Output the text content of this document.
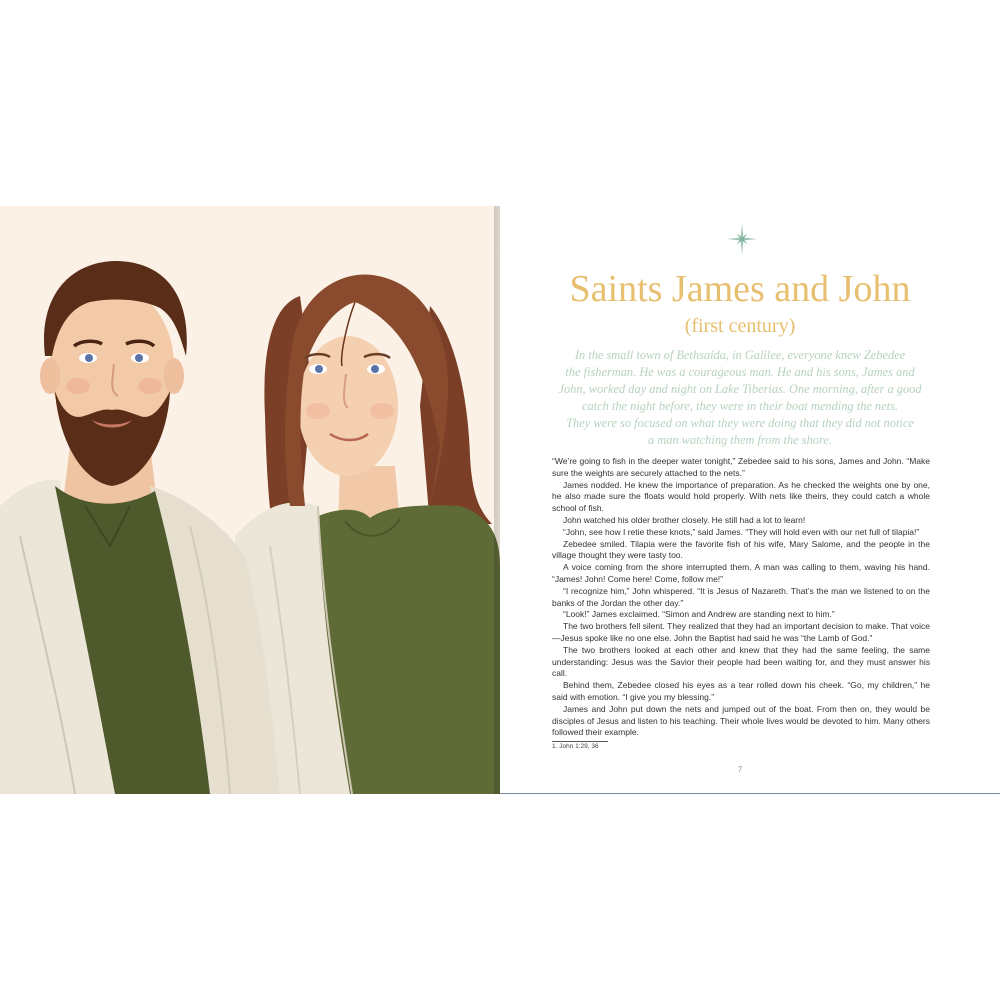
Saints James and John
(first century)
In the small town of Bethsaida, in Galilee, everyone knew Zebedee
the fisherman. He was a courageous man. He and his sons, James and
John, worked day and night on Lake Tiberias. One morning, after a good
catch the night before, they were in their boat mending the nets.
They were so focused on what they were doing that they did not notice
a man watching them from the shore.

“We’re going to fish in the deeper water tonight,” Zebedee said to his sons, James and John. “Make sure the weights are securely attached to the nets.”

James nodded. He knew the importance of preparation. As he checked the weights one by one, he also made sure the floats would hold properly. With nets like theirs, they could catch a whole school of fish.

John watched his older brother closely. He still had a lot to learn!

“John, see how I retie these knots,” said James. “They will hold even with our net full of tilapia!”

Zebedee smiled. Tilapia were the favorite fish of his wife, Mary Salome, and the people in the village thought they were tasty too.

A voice coming from the shore interrupted them. A man was calling to them, waving his hand. “James! John! Come here! Come, follow me!”

“I recognize him,” John whispered. “It is Jesus of Nazareth. That’s the man we listened to on the banks of the Jordan the other day.”

“Look!” James exclaimed. “Simon and Andrew are standing next to him.”

The two brothers fell silent. They realized that they had an important decision to make. That voice—Jesus spoke like no one else. John the Baptist had said he was “the Lamb of God.”

The two brothers looked at each other and knew that they had the same feeling, the same understanding: Jesus was the Savior their people had been waiting for, and they must answer his call.

Behind them, Zebedee closed his eyes as a tear rolled down his cheek. “Go, my children,” he said with emotion. “I give you my blessing.”

James and John put down the nets and jumped out of the boat. From then on, they would be disciples of Jesus and listen to his teaching. Their whole lives would be devoted to him. Many others followed their example.

1. John 1:29, 36
7
